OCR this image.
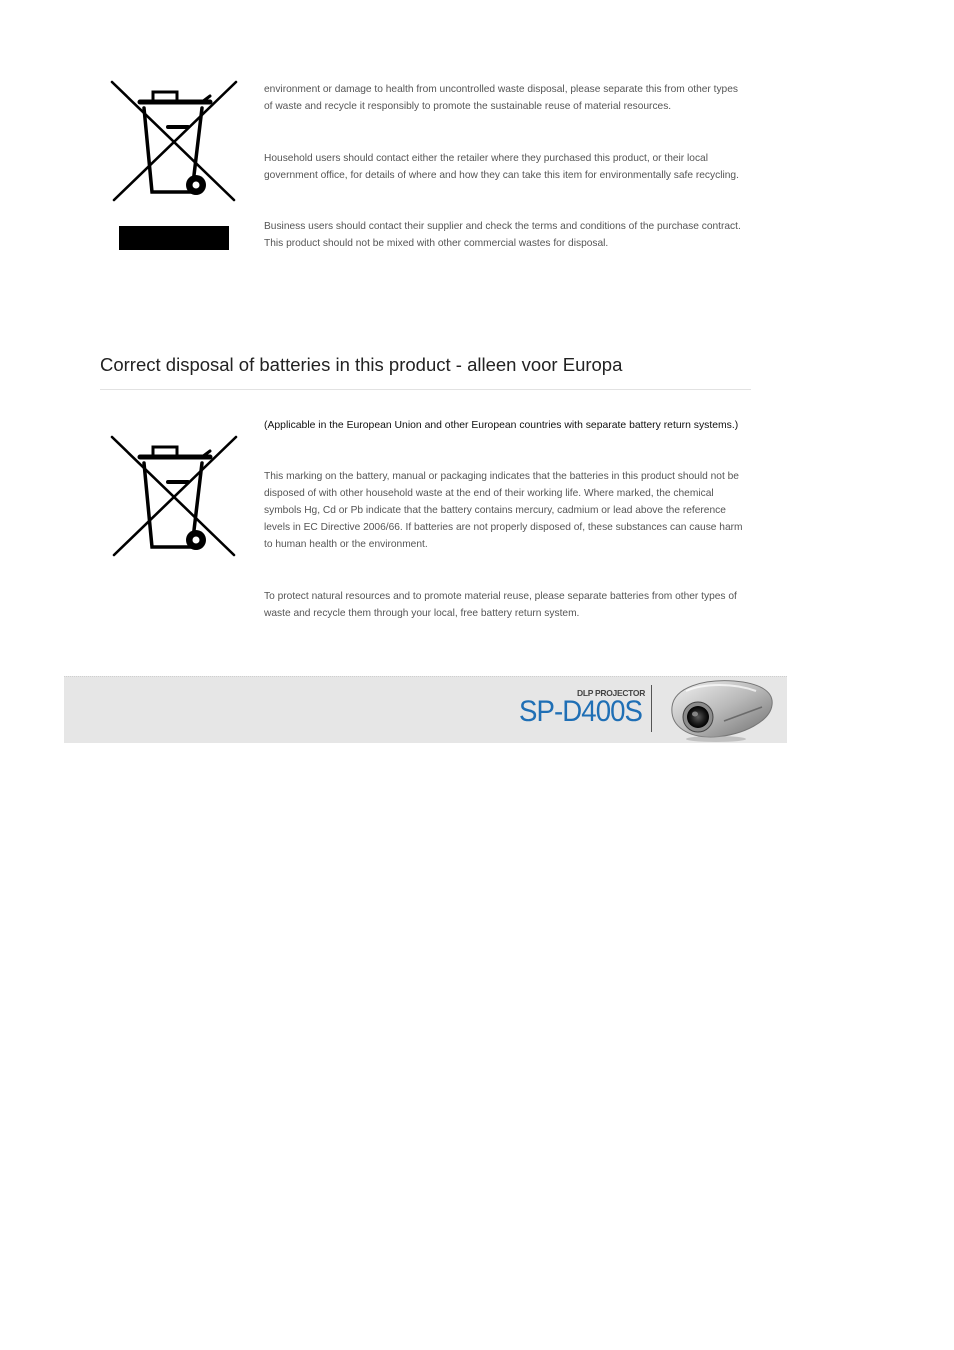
environment or damage to health from uncontrolled waste disposal, please separate this from other types of waste and recycle it responsibly to promote the sustainable reuse of material resources.

Household users should contact either the retailer where they purchased this product, or their local government office, for details of where and how they can take this item for environmentally safe recycling.

Business users should contact their supplier and check the terms and conditions of the purchase contract. This product should not be mixed with other commercial wastes for disposal.

Correct disposal of batteries in this product - alleen voor Europa

(Applicable in the European Union and other European countries with separate battery return systems.)

This marking on the battery, manual or packaging indicates that the batteries in this product should not be disposed of with other household waste at the end of their working life. Where marked, the chemical symbols Hg, Cd or Pb indicate that the battery contains mercury, cadmium or lead above the reference levels in EC Directive 2006/66. If batteries are not properly disposed of, these substances can cause harm to human health or the environment.

To protect natural resources and to promote material reuse, please separate batteries from other types of waste and recycle them through your local, free battery return system.

DLP PROJECTOR
SP-D400S
